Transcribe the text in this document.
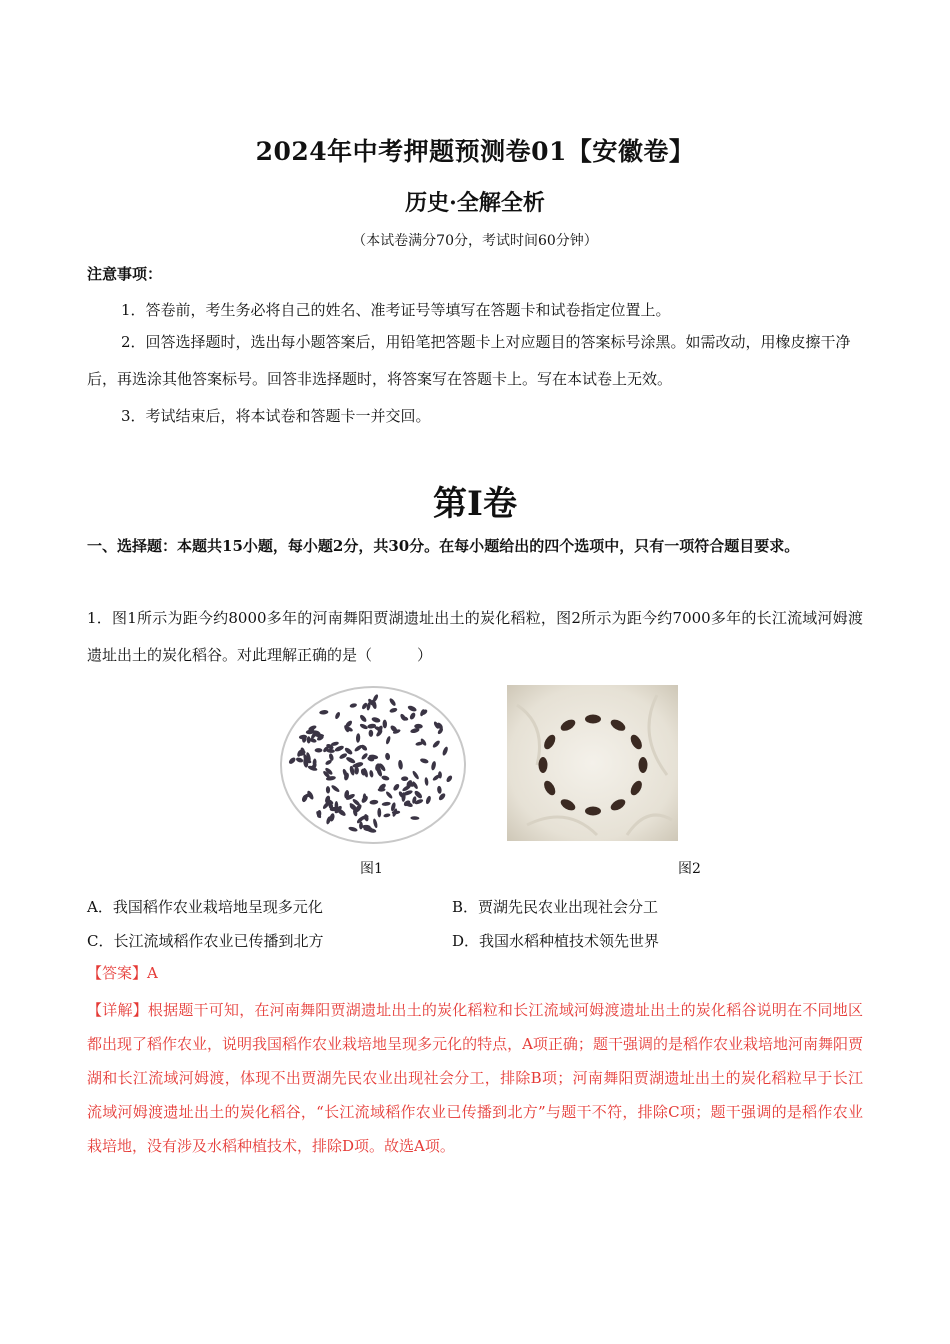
2024年中考押题预测卷01【安徽卷】
历史·全解全析
（本试卷满分70分，考试时间60分钟）
注意事项：
1．答卷前，考生务必将自己的姓名、准考证号等填写在答题卡和试卷指定位置上。
2．回答选择题时，选出每小题答案后，用铅笔把答题卡上对应题目的答案标号涂黑。如需改动，用橡皮擦干净后，再选涂其他答案标号。回答非选择题时，将答案写在答题卡上。写在本试卷上无效。
3．考试结束后，将本试卷和答题卡一并交回。
第Ⅰ卷
一、选择题：本题共15小题，每小题2分，共30分。在每小题给出的四个选项中，只有一项符合题目要求。
1．图1所示为距今约8000多年的河南舞阳贾湖遗址出土的炭化稻粒，图2所示为距今约7000多年的长江流域河姆渡遗址出土的炭化稻谷。对此理解正确的是（　　　）
图1	图2
A．我国稻作农业栽培地呈现多元化	B．贾湖先民农业出现社会分工
C．长江流域稻作农业已传播到北方	D．我国水稻种植技术领先世界
【答案】A
【详解】根据题干可知，在河南舞阳贾湖遗址出土的炭化稻粒和长江流域河姆渡遗址出土的炭化稻谷说明在不同地区都出现了稻作农业，说明我国稻作农业栽培地呈现多元化的特点，A项正确；题干强调的是稻作农业栽培地河南舞阳贾湖和长江流域河姆渡，体现不出贾湖先民农业出现社会分工，排除B项；河南舞阳贾湖遗址出土的炭化稻粒早于长江流域河姆渡遗址出土的炭化稻谷，“长江流域稻作农业已传播到北方”与题干不符，排除C项；题干强调的是稻作农业栽培地，没有涉及水稻种植技术，排除D项。故选A项。
